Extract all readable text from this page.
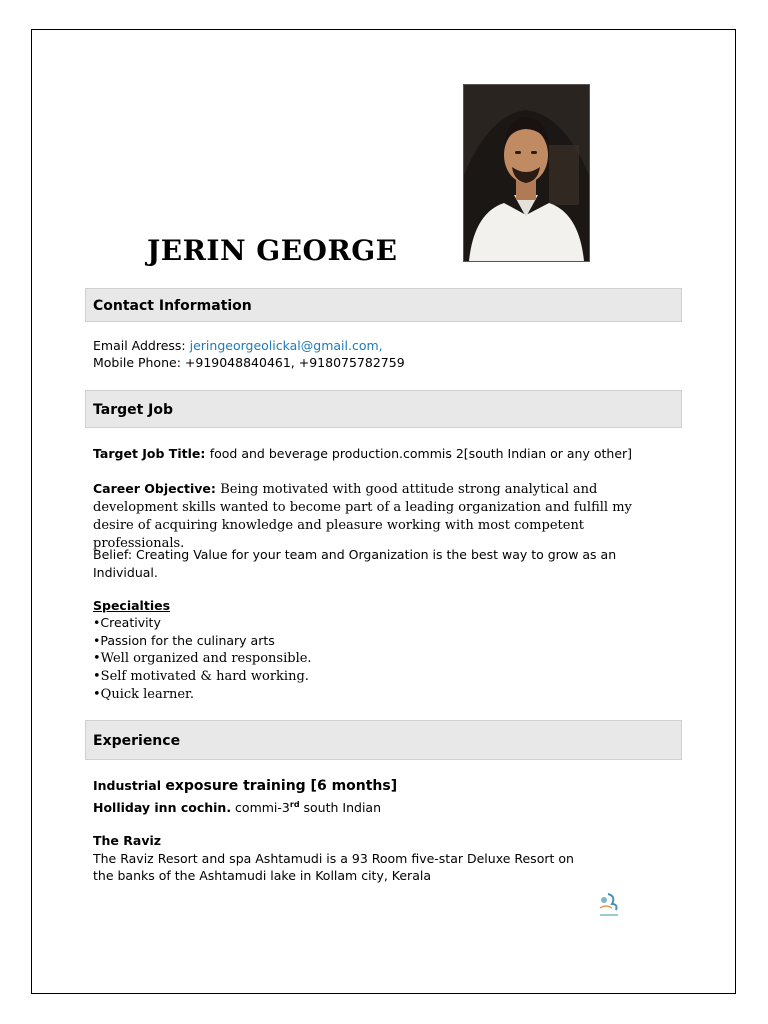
JERIN GEORGE
Contact Information
Email Address: jeringeorgeolickal@gmail.com,
Mobile Phone: +919048840461, +918075782759
Target Job
Target Job Title: food and beverage production.commis 2[south Indian or any other]
Career Objective: Being motivated with good attitude strong analytical and development skills wanted to become part of a leading organization and fulfill my desire of acquiring knowledge and pleasure working with most competent professionals.
Belief: Creating Value for your team and Organization is the best way to grow as an Individual.
Specialties
•Creativity
•Passion for the culinary arts
•Well organized and responsible.
•Self motivated & hard working.
•Quick learner.
Experience
Industrial exposure training [6 months]
Holliday inn cochin. commi-3rd south Indian
The Raviz
The Raviz Resort and spa Ashtamudi is a 93 Room five-star Deluxe Resort on
the banks of the Ashtamudi lake in Kollam city, Kerala
